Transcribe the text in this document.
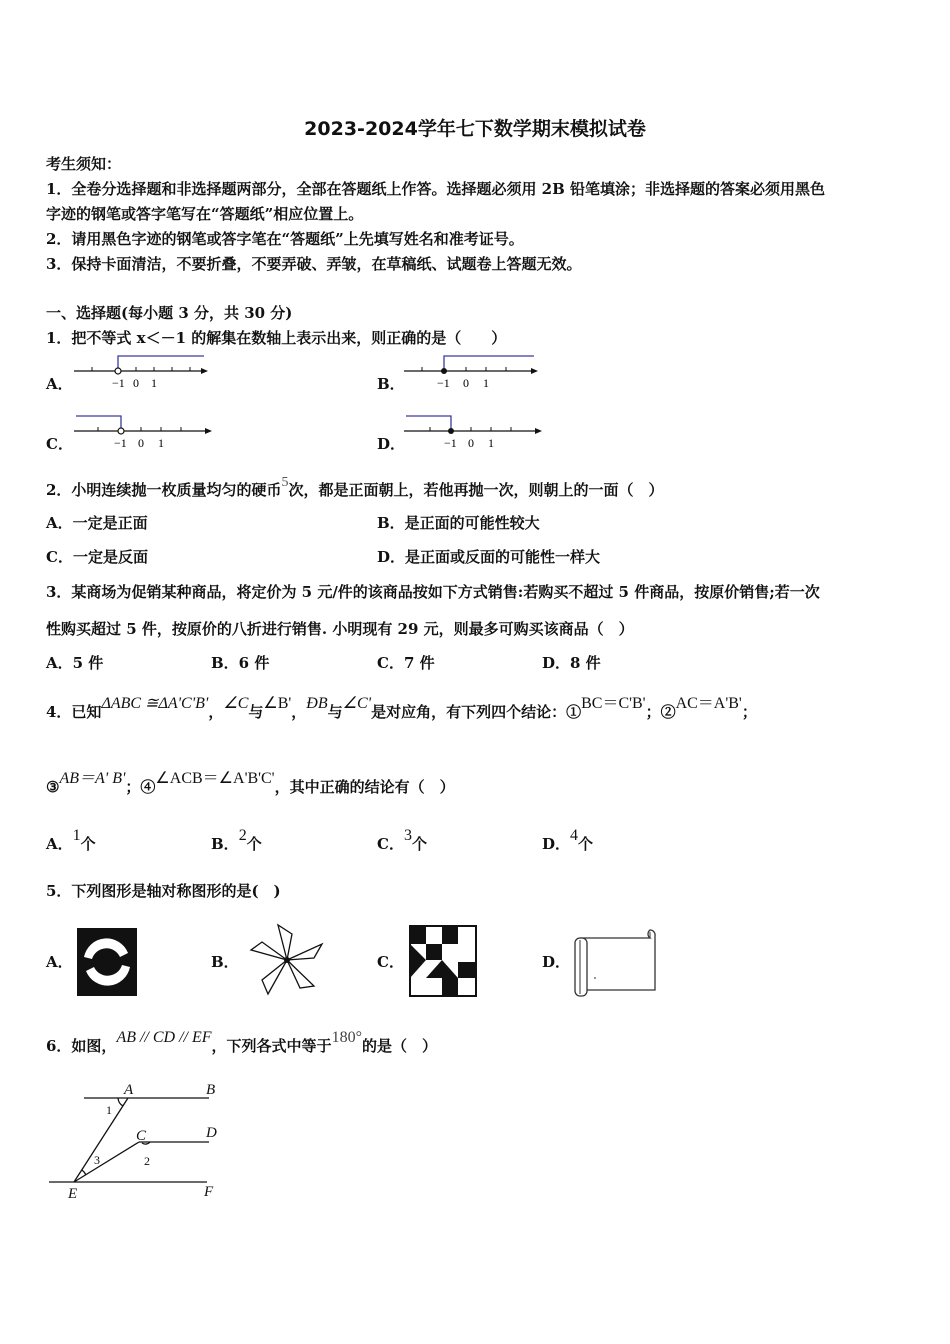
2023-2024学年七下数学期末模拟试卷
考生须知：
1．全卷分选择题和非选择题两部分，全部在答题纸上作答。选择题必须用 2B 铅笔填涂；非选择题的答案必须用黑色
字迹的钢笔或答字笔写在“答题纸”相应位置上。
2．请用黑色字迹的钢笔或答字笔在“答题纸”上先填写姓名和准考证号。
3．保持卡面清洁，不要折叠，不要弄破、弄皱，在草稿纸、试题卷上答题无效。
一、选择题(每小题 3 分，共 30 分)
1．把不等式 x＜－1 的解集在数轴上表示出来，则正确的是（　　）
A．	−1 0 1	B．	−1 0 1
C．	−1 0 1	D．	−1 0 1
2．小明连续抛一枚质量均匀的硬币5次，都是正面朝上，若他再抛一次，则朝上的一面（　）
A．一定是正面	B．是正面的可能性较大
C．一定是反面	D．是正面或反面的可能性一样大
3．某商场为促销某种商品，将定价为 5 元/件的该商品按如下方式销售:若购买不超过 5 件商品，按原价销售;若一次
性购买超过 5 件，按原价的八折进行销售. 小明现有 29 元，则最多可购买该商品（　）
A．5 件	B．6 件	C．7 件	D．8 件
4．已知ΔABC ≅ΔA'C'B'，∠C与∠B'，ÐB与∠C'是对应角，有下列四个结论：①BC＝C'B'；②AC＝A'B'；
③AB＝A' B'；④∠ACB＝∠A'B'C'，其中正确的结论有（　）
A．1个	B．2个	C．3个	D．4个
5．下列图形是轴对称图形的是(　)
A．	B．	C．	D．
6．如图，AB // CD // EF，下列各式中等于180°的是（　）
A	B
C	D
E	F
1
2
3
